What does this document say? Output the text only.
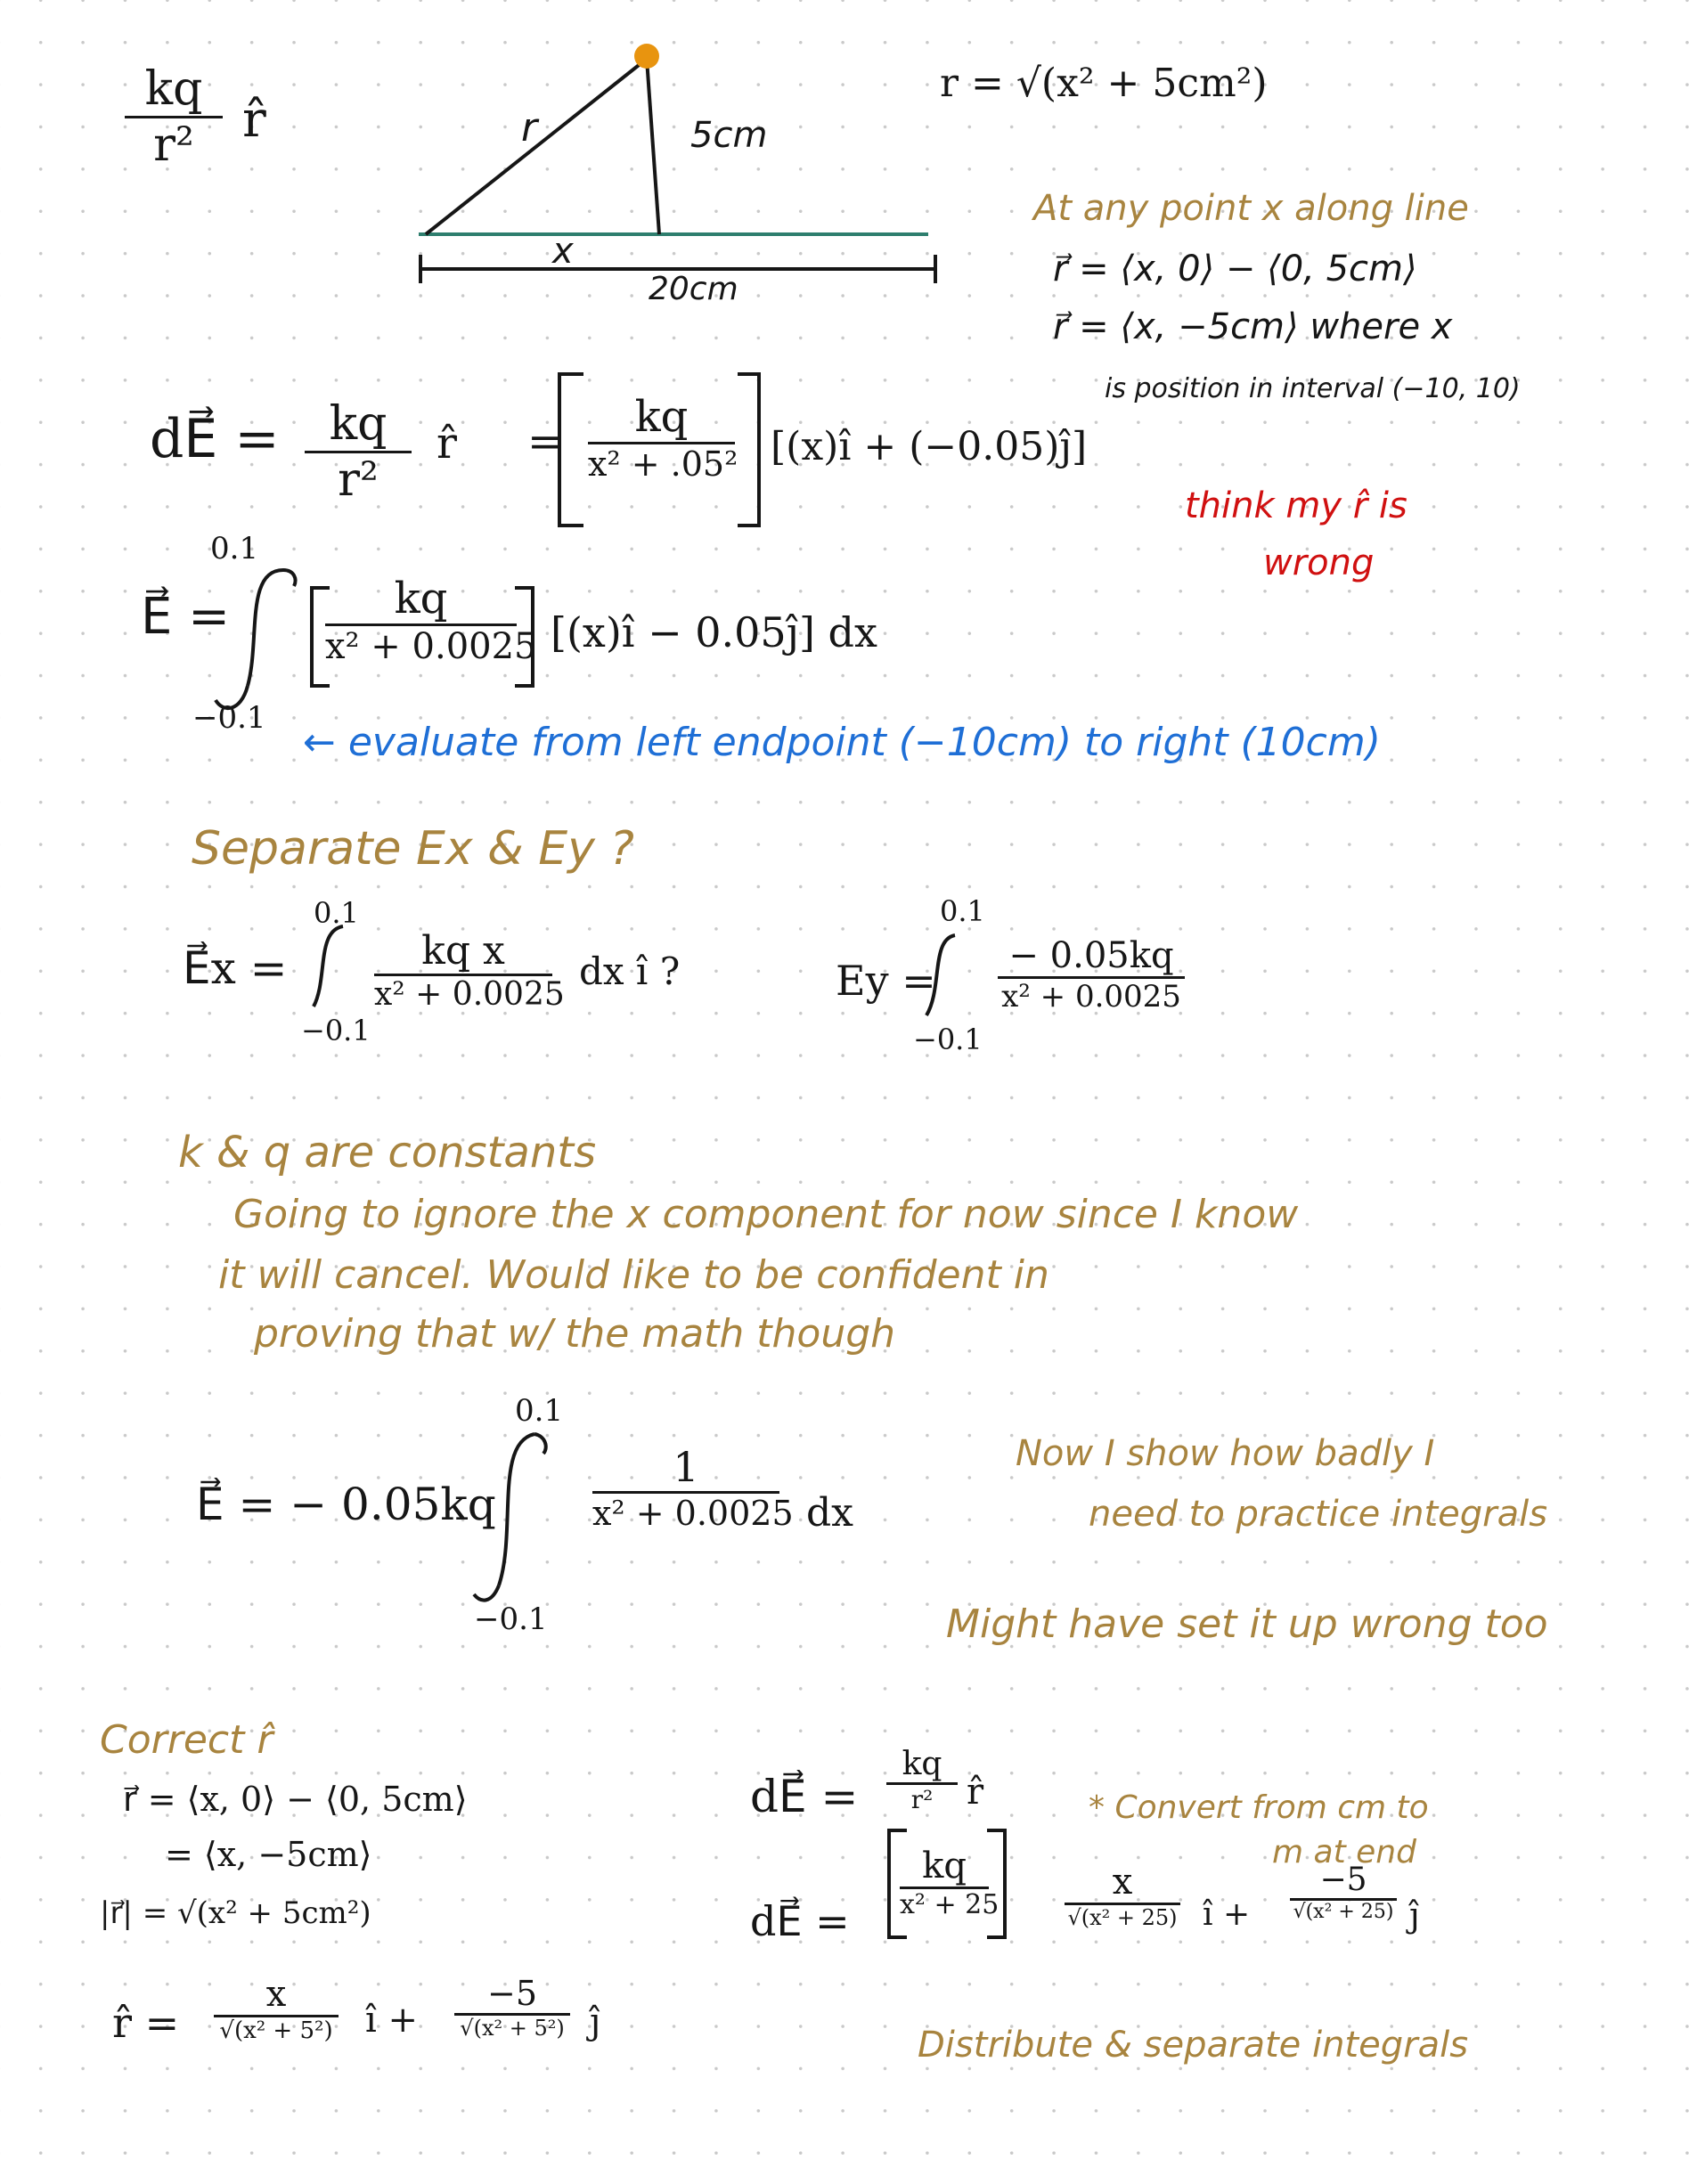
$\frac{kq}{\text{r²}}$ r̂	r	5cm

x

20cm

r = √(x² + 5cm²)

At any point x along line

r⃗ = ⟨x, 0⟩ − ⟨0, 5cm⟩

r⃗ = ⟨x, −5cm⟩ where x

is position in interval (−10, 10)

dE⃗ = $\frac{kq}{\text{r²}}$ r̂ =	kq
x² + .05² [(x)î + (−0.05)ĵ]

think my r̂ is

wrong

E⃗ =

0.1

−0.1

kq
x² + 0.0025 [(x)î − 0.05ĵ] dx

← evaluate from left endpoint (−10cm) to right (10cm)

Separate Ex & Ey ?

E⃗x =

0.1

−0.1

kq x
x² + 0.0025

dx î ?	Ey =

0.1

−0.1

$\frac{- 0.05kq}{\text{x² + 0.0025}}$

k & q are constants

Going to ignore the x component for now since I know

it will cancel. Would like to be confident in

proving that w/ the math though

E⃗ = − 0.05kq

0.1

−0.1

1
x² + 0.0025 dx

Now I show how badly I

need to practice integrals

Might have set it up wrong too

Correct r̂

r⃗ = ⟨x, 0⟩ − ⟨0, 5cm⟩

= ⟨x, −5cm⟩

|r⃗| = √(x² + 5cm²)

r̂ =

x
√(x² + 5²) î +

−5
√(x² + 5²) ĵ

dE⃗ =

kq
r² r̂

dE⃗ =

kq
x² + 25
x
√(x² + 25) î +

−5
√(x² + 25) ĵ

* Convert from cm to

m at end

Distribute & separate integrals
